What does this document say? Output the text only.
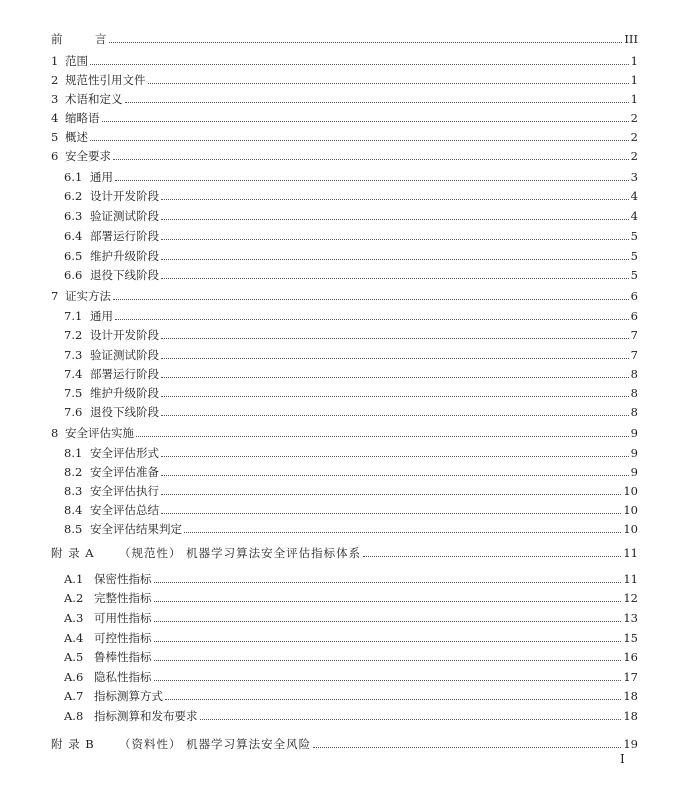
前	言	III
1 范围	1
2 规范性引用文件	1
3 术语和定义	1
4 缩略语	2
5 概述	2
6 安全要求	2
6.1 通用	3
6.2 设计开发阶段	4
6.3 验证测试阶段	4
6.4 部署运行阶段	5
6.5 维护升级阶段	5
6.6 退役下线阶段	5
7 证实方法	6
7.1 通用	6
7.2 设计开发阶段	7
7.3 验证测试阶段	7
7.4 部署运行阶段	8
7.5 维护升级阶段	8
7.6 退役下线阶段	8
8 安全评估实施	9
8.1 安全评估形式	9
8.2 安全评估准备	9
8.3 安全评估执行	10
8.4 安全评估总结	10
8.5 安全评估结果判定	10
附 录 A	（规范性） 机器学习算法安全评估指标体系	11
A.1 保密性指标	11
A.2 完整性指标	12
A.3 可用性指标	13
A.4 可控性指标	15
A.5 鲁棒性指标	16
A.6 隐私性指标	17
A.7 指标测算方式	18
A.8 指标测算和发布要求	18
附 录 B	（资料性） 机器学习算法安全风险	19
I
